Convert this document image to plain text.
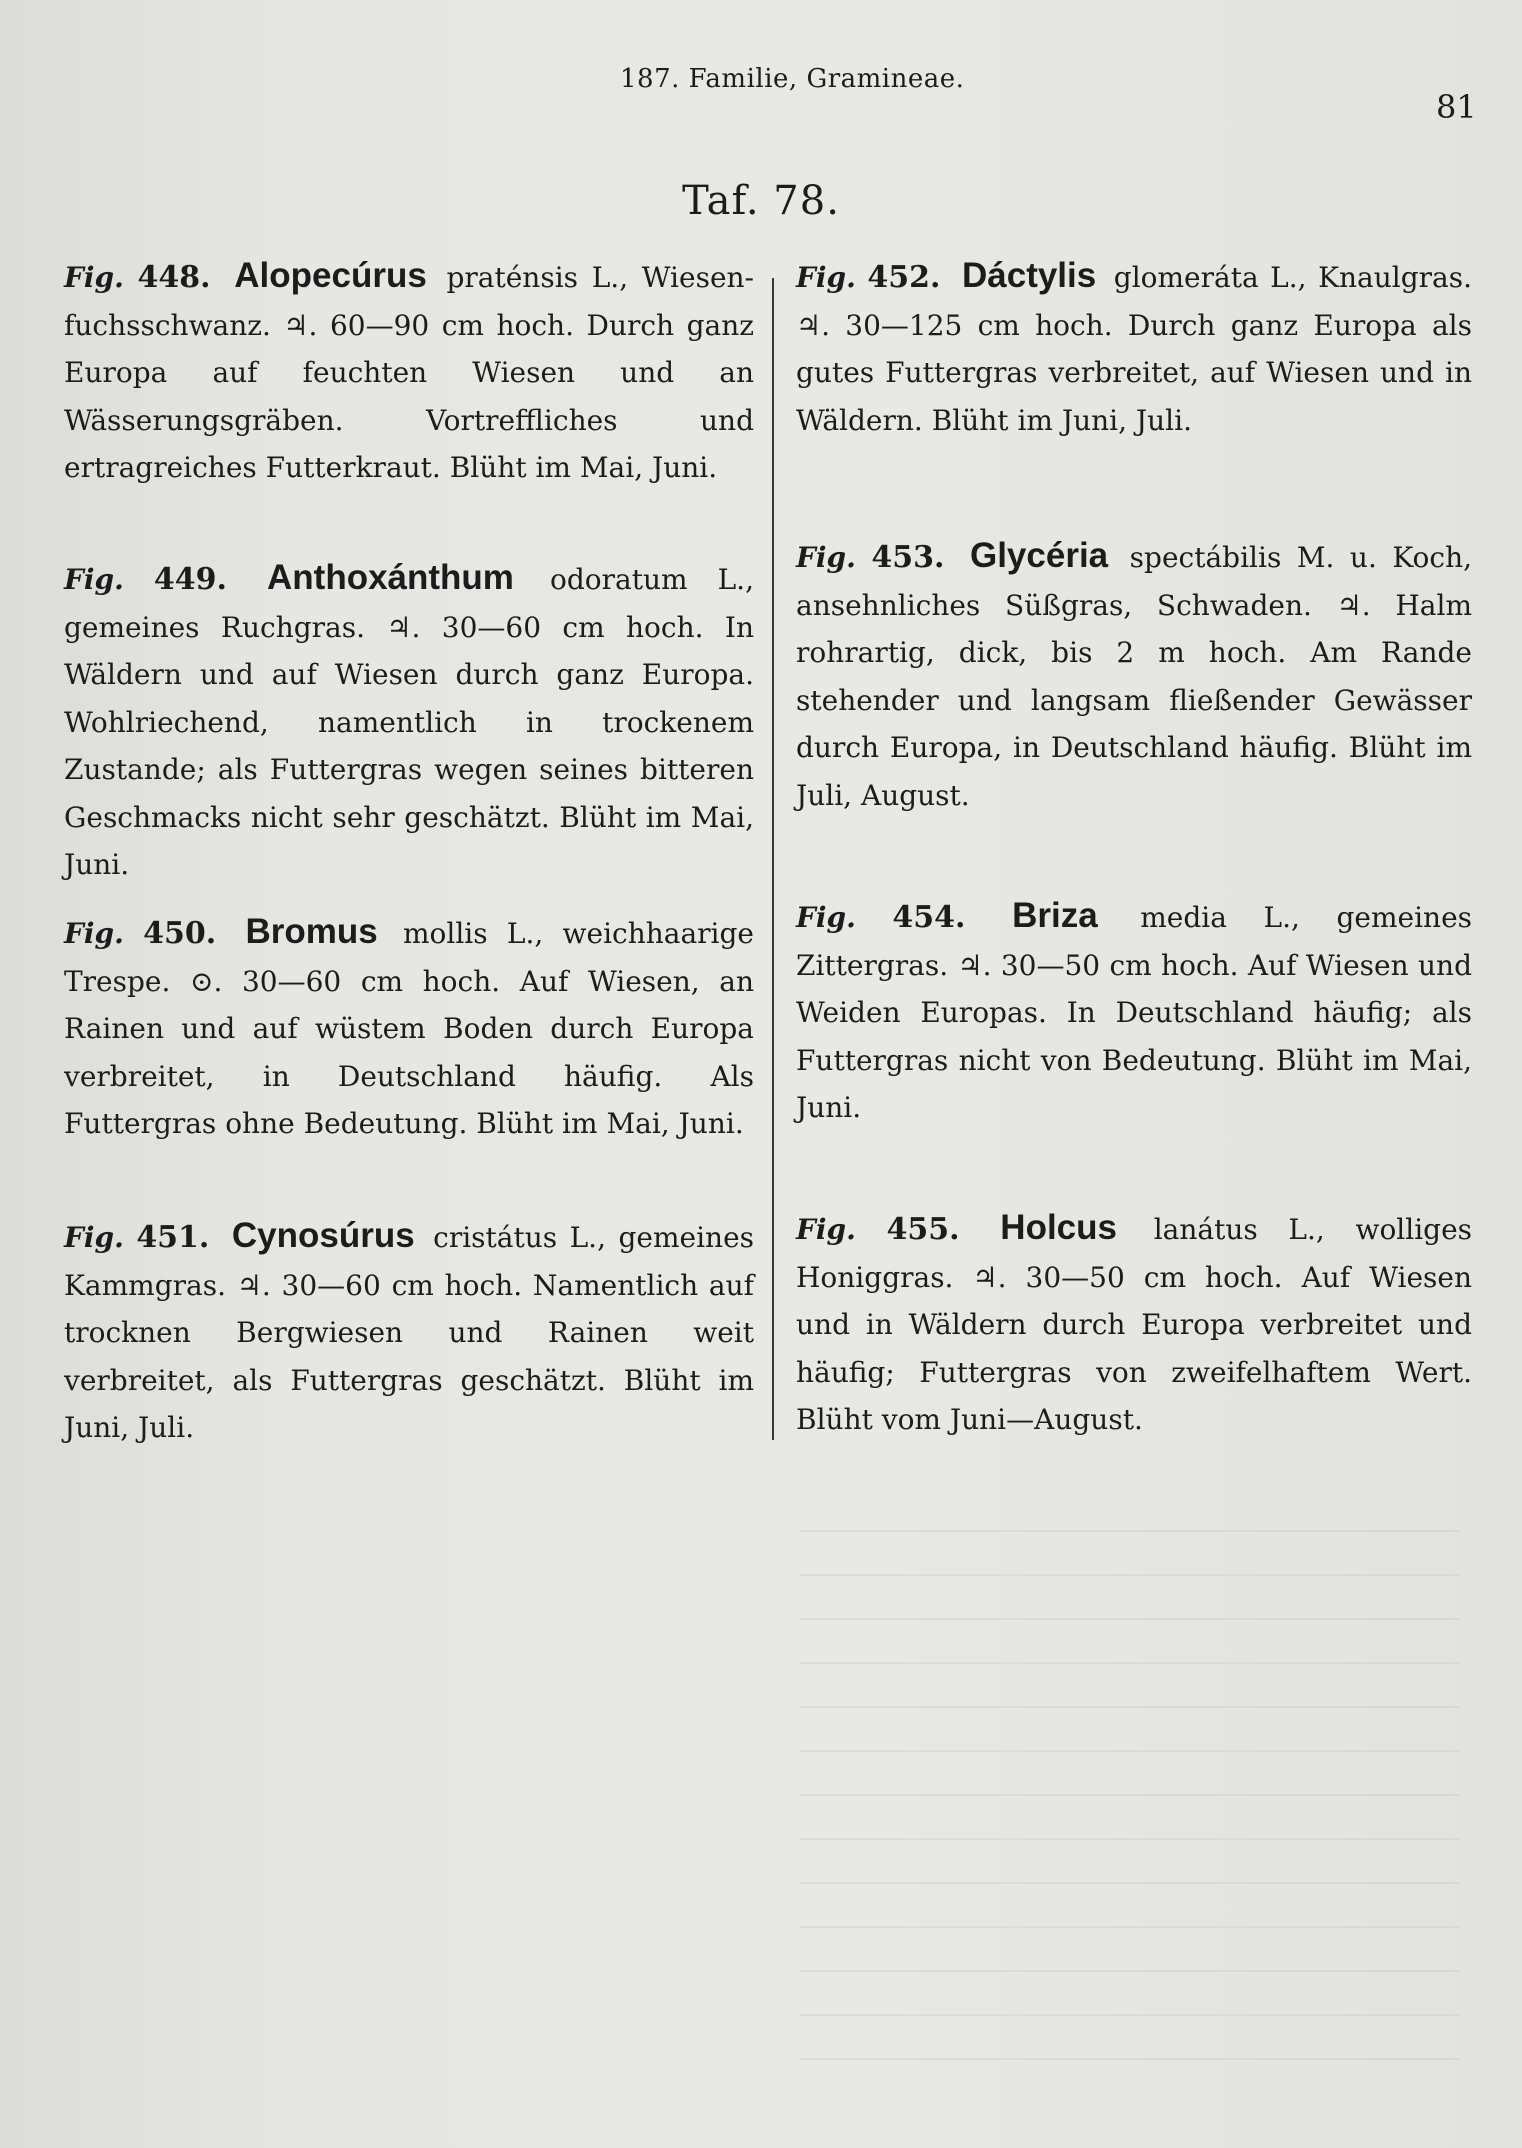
187. Familie, Gramineae.
81
Taf. 78.
Fig. 448. Alopecúrus praténsis L., Wiesen-fuchsschwanz. ♃. 60—90 cm hoch. Durch ganz Europa auf feuchten Wiesen und an Wässerungsgräben. Vortreffliches und ertragreiches Futterkraut. Blüht im Mai, Juni.
Fig. 449. Anthoxánthum odoratum L., gemeines Ruchgras. ♃. 30—60 cm hoch. In Wäldern und auf Wiesen durch ganz Europa. Wohlriechend, namentlich in trockenem Zustande; als Futtergras wegen seines bitteren Geschmacks nicht sehr geschätzt. Blüht im Mai, Juni.
Fig. 450. Bromus mollis L., weichhaarige Trespe. ⊙. 30—60 cm hoch. Auf Wiesen, an Rainen und auf wüstem Boden durch Europa verbreitet, in Deutschland häufig. Als Futtergras ohne Bedeutung. Blüht im Mai, Juni.
Fig. 451. Cynosúrus cristátus L., gemeines Kammgras. ♃. 30—60 cm hoch. Namentlich auf trocknen Bergwiesen und Rainen weit verbreitet, als Futtergras geschätzt. Blüht im Juni, Juli.
Fig. 452. Dáctylis glomeráta L., Knaulgras. ♃. 30—125 cm hoch. Durch ganz Europa als gutes Futtergras verbreitet, auf Wiesen und in Wäldern. Blüht im Juni, Juli.
Fig. 453. Glycéria spectábilis M. u. Koch, ansehnliches Süßgras, Schwaden. ♃. Halm rohrartig, dick, bis 2 m hoch. Am Rande stehender und langsam fließender Gewässer durch Europa, in Deutschland häufig. Blüht im Juli, August.
Fig. 454. Briza media L., gemeines Zittergras. ♃. 30—50 cm hoch. Auf Wiesen und Weiden Europas. In Deutschland häufig; als Futtergras nicht von Bedeutung. Blüht im Mai, Juni.
Fig. 455. Holcus lanátus L., wolliges Honiggras. ♃. 30—50 cm hoch. Auf Wiesen und in Wäldern durch Europa verbreitet und häufig; Futtergras von zweifelhaftem Wert. Blüht vom Juni—August.
